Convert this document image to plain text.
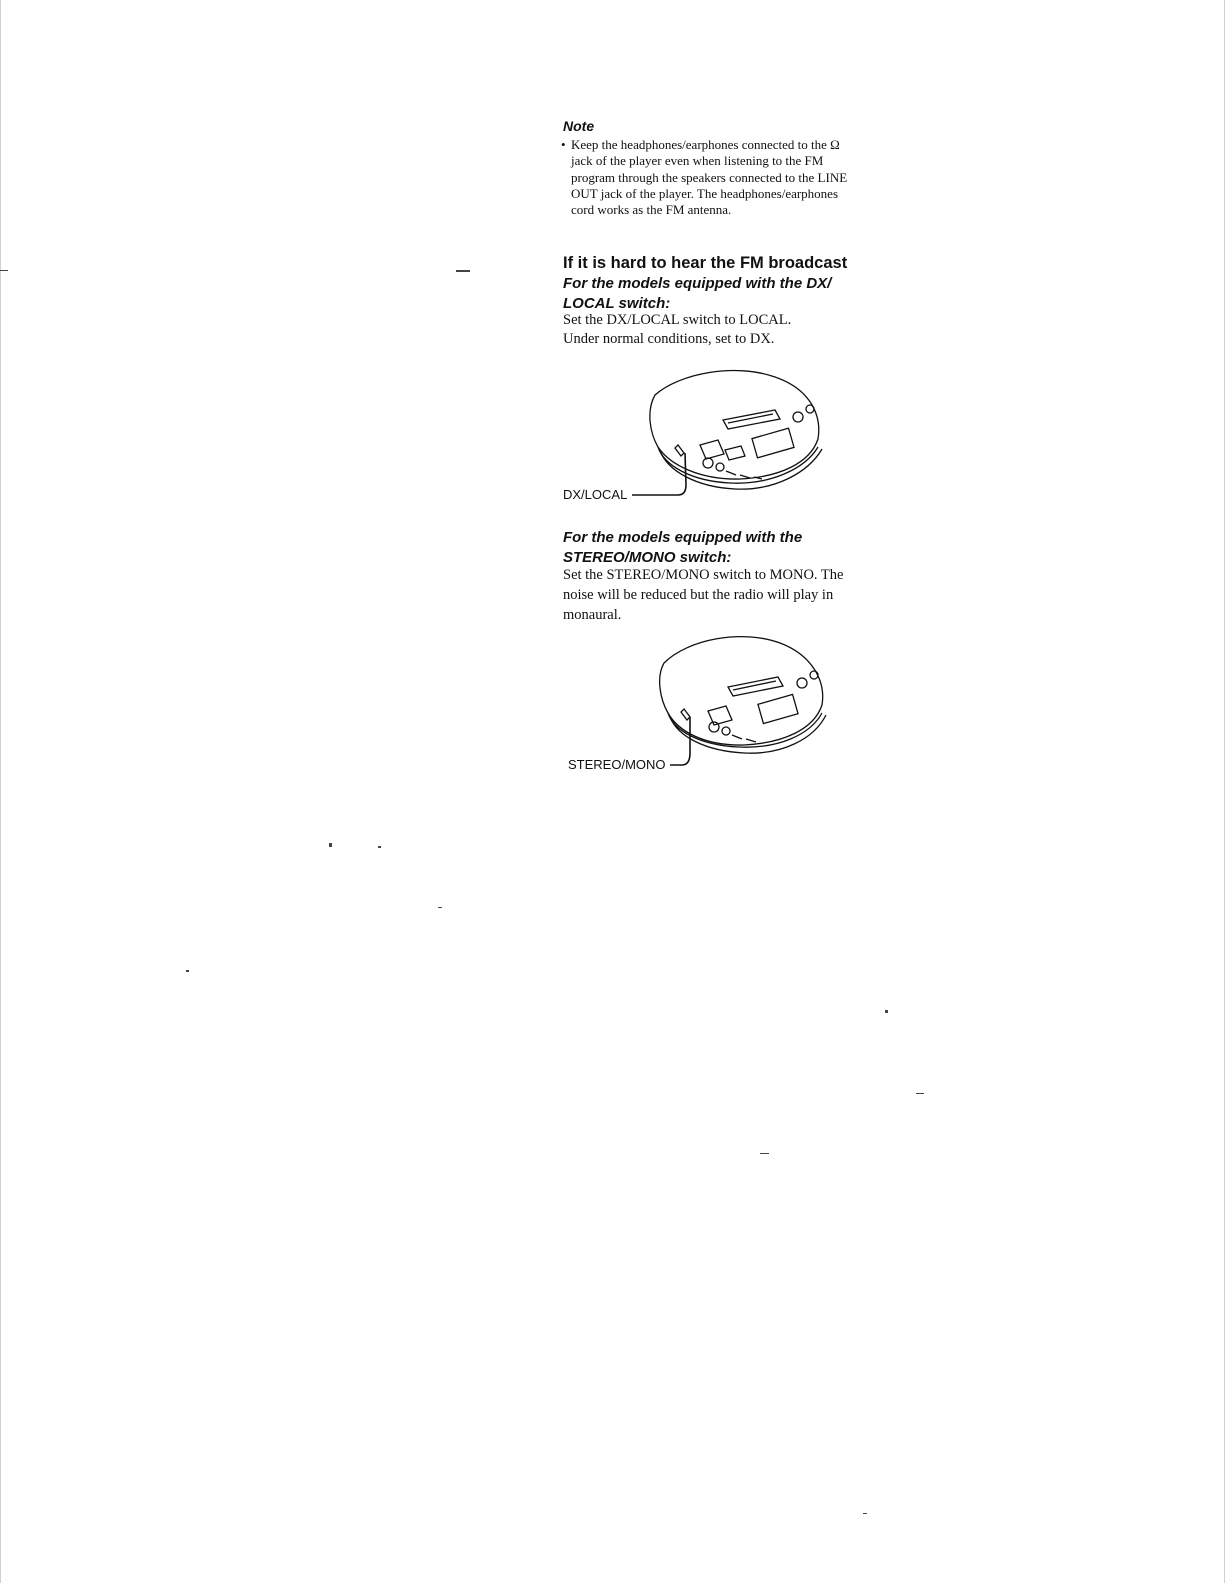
Note

• Keep the headphones/earphones connected to the Ω jack of the player even when listening to the FM program through the speakers connected to the LINE OUT jack of the player. The headphones/earphones cord works as the FM antenna.

If it is hard to hear the FM broadcast
For the models equipped with the DX/ LOCAL switch:

Set the DX/LOCAL switch to LOCAL.

Under normal conditions, set to DX.

For the models equipped with the STEREO/MONO switch:

Set the STEREO/MONO switch to MONO. The noise will be reduced but the radio will play in monaural.

DX/LOCAL
STEREO/MONO
